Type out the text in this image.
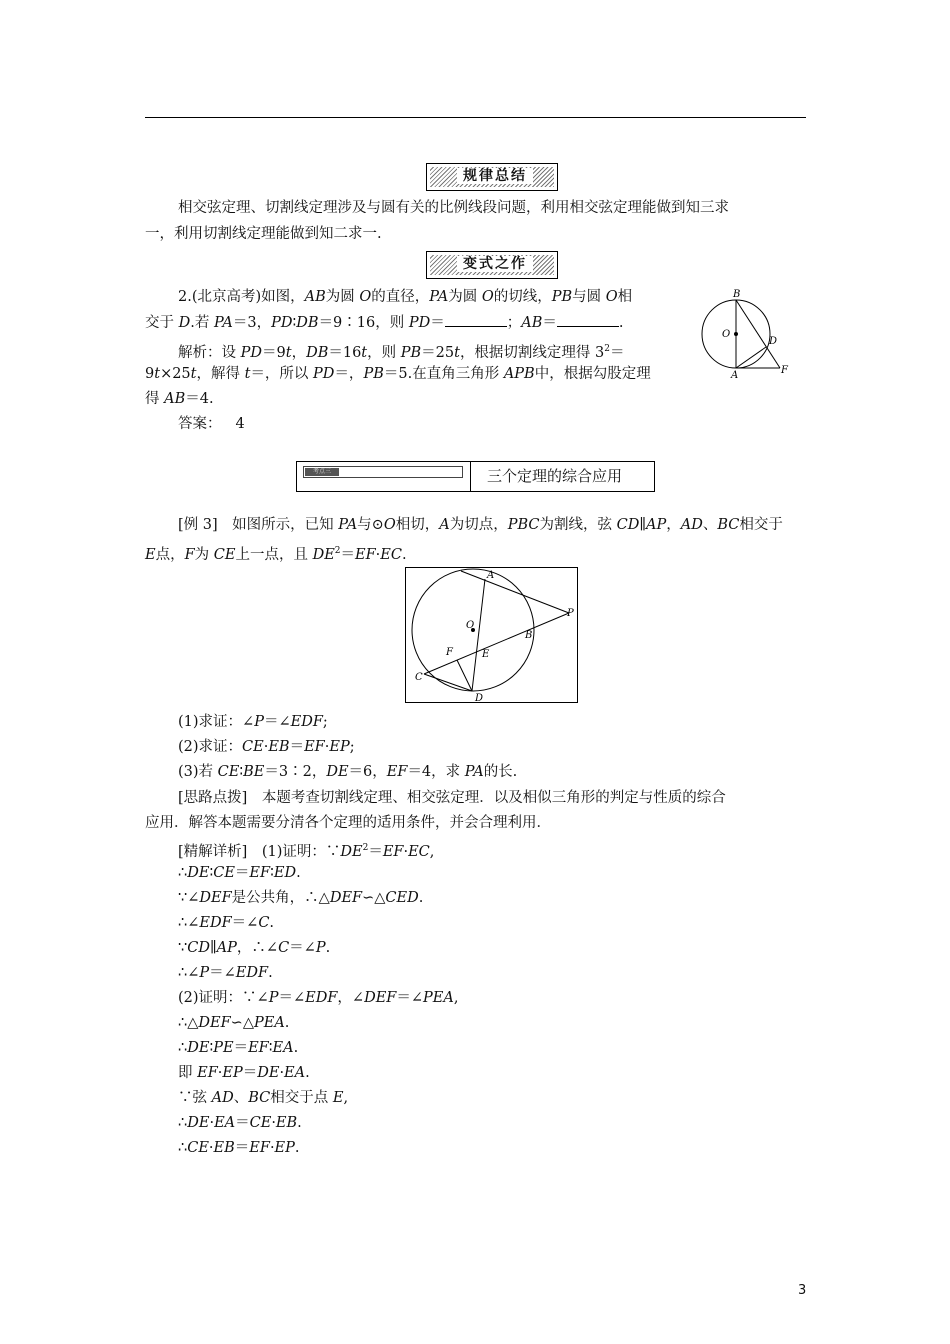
规律总结
相交弦定理、切割线定理涉及与圆有关的比例线段问题，利用相交弦定理能做到知三求
一，利用切割线定理能做到知二求一.
变式之作
2.(北京高考)如图，AB为圆 O的直径，PA为圆 O的切线，PB与圆 O相
交于 D.若 PA＝3，PD∶DB＝9∶16，则 PD＝	；AB＝	.
解析：设 PD＝9t，DB＝16t，则 PB＝25t，根据切割线定理得 $3^2=$
9t×25t，解得 t＝，所以 PD＝，PB＝5.在直角三角形 APB中，根据勾股定理
得 AB＝4.
答案： 4
B
O
D
A	F
考点三	三个定理的综合应用
[例 3]　如图所示，已知 PA与⊙O相切，A为切点，PBC为割线，弦 CD∥AP，AD、BC相交于
E点，F为 CE上一点，且 $DE^2=EF\cdot EC$.
A
P
O
B
F	E
C
D
(1)求证：∠P＝∠EDF;
(2)求证：CE·EB＝EF·EP;
(3)若 CE∶BE＝3∶2，DE＝6，EF＝4，求 PA的长.
[思路点拨]　本题考查切割线定理、相交弦定理．以及相似三角形的判定与性质的综合
应用．解答本题需要分清各个定理的适用条件，并会合理利用．
[精解详析]　(1)证明：$\because DE^2=EF\cdot EC$,
∴DE∶CE＝EF∶ED.
∵∠DEF是公共角，∴△DEF∽△CED.
∴∠EDF＝∠C.
∵CD∥AP，∴∠C＝∠P.
∴∠P＝∠EDF.
(2)证明：∵∠P＝∠EDF，∠DEF＝∠PEA,
∴△DEF∽△PEA.
∴DE∶PE＝EF∶EA.
即 EF·EP＝DE·EA.
∵弦 AD、BC相交于点 E,
∴DE·EA＝CE·EB.
∴CE·EB＝EF·EP.
3
